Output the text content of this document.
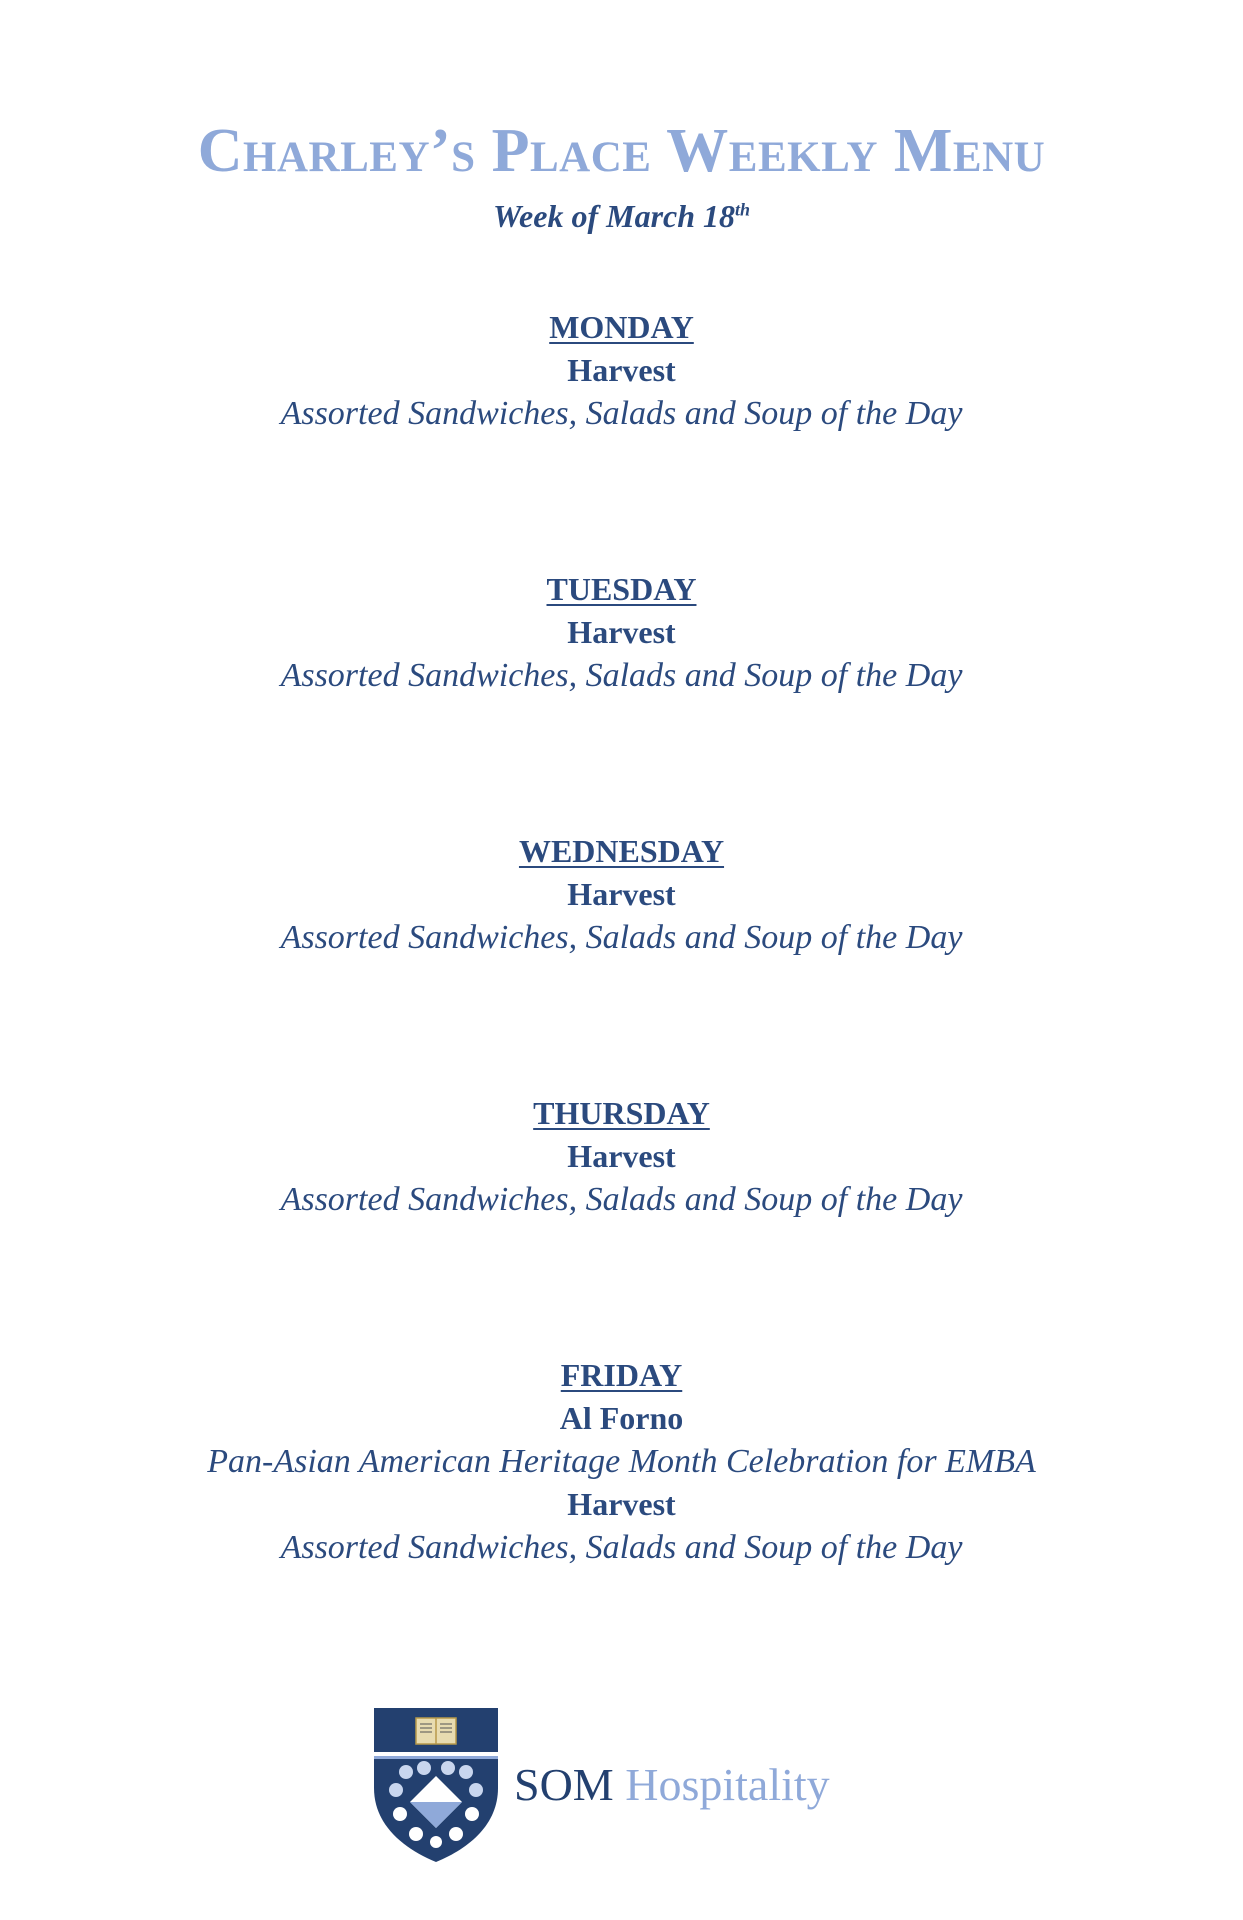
Charley’s Place Weekly Menu
Week of March 18th
MONDAY
Harvest
Assorted Sandwiches, Salads and Soup of the Day
TUESDAY
Harvest
Assorted Sandwiches, Salads and Soup of the Day
WEDNESDAY
Harvest
Assorted Sandwiches, Salads and Soup of the Day
THURSDAY
Harvest
Assorted Sandwiches, Salads and Soup of the Day
FRIDAY
Al Forno
Pan-Asian American Heritage Month Celebration for EMBA
Harvest
Assorted Sandwiches, Salads and Soup of the Day
SOM Hospitality
